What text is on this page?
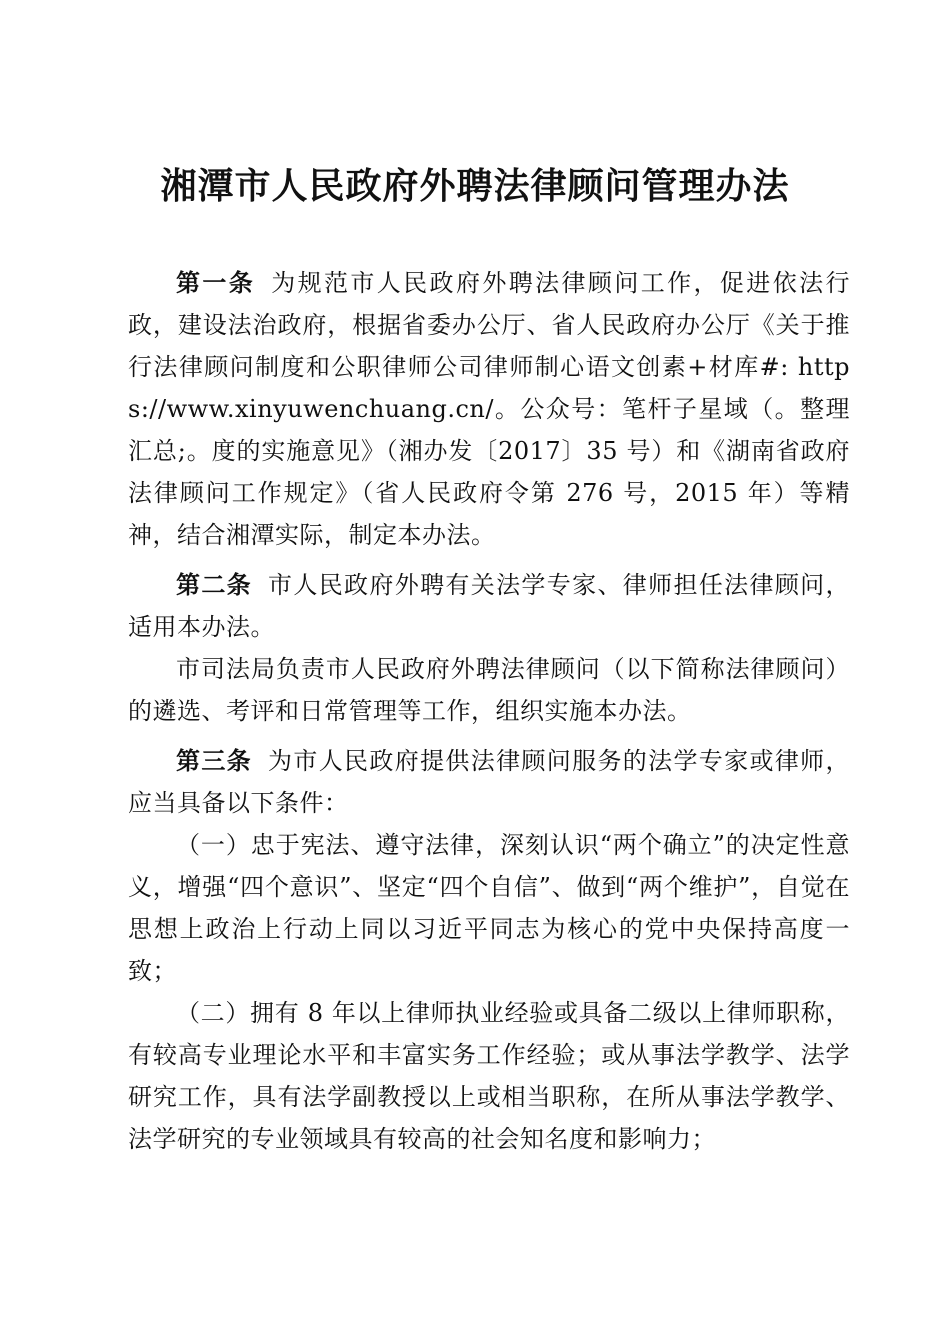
湘潭市人民政府外聘法律顾问管理办法

第一条 为规范市人民政府外聘法律顾问工作，促进依法行政，建设法治政府，根据省委办公厅、省人民政府办公厅《关于推行法律顾问制度和公职律师公司律师制心语文创素+材库#: https://www.xinyuwenchuang.cn/。公众号：笔杆子星域（。整理汇总;。度的实施意见》（湘办发〔2017〕35 号）和《湖南省政府法律顾问工作规定》（省人民政府令第 276 号，2015 年）等精神，结合湘潭实际，制定本办法。

第二条 市人民政府外聘有关法学专家、律师担任法律顾问，适用本办法。

市司法局负责市人民政府外聘法律顾问（以下简称法律顾问）的遴选、考评和日常管理等工作，组织实施本办法。

第三条 为市人民政府提供法律顾问服务的法学专家或律师，应当具备以下条件：

（一）忠于宪法、遵守法律，深刻认识“两个确立”的决定性意义，增强“四个意识”、坚定“四个自信”、做到“两个维护”，自觉在思想上政治上行动上同以习近平同志为核心的党中央保持高度一致；

（二）拥有 8 年以上律师执业经验或具备二级以上律师职称，有较高专业理论水平和丰富实务工作经验；或从事法学教学、法学研究工作，具有法学副教授以上或相当职称，在所从事法学教学、法学研究的专业领域具有较高的社会知名度和影响力；
